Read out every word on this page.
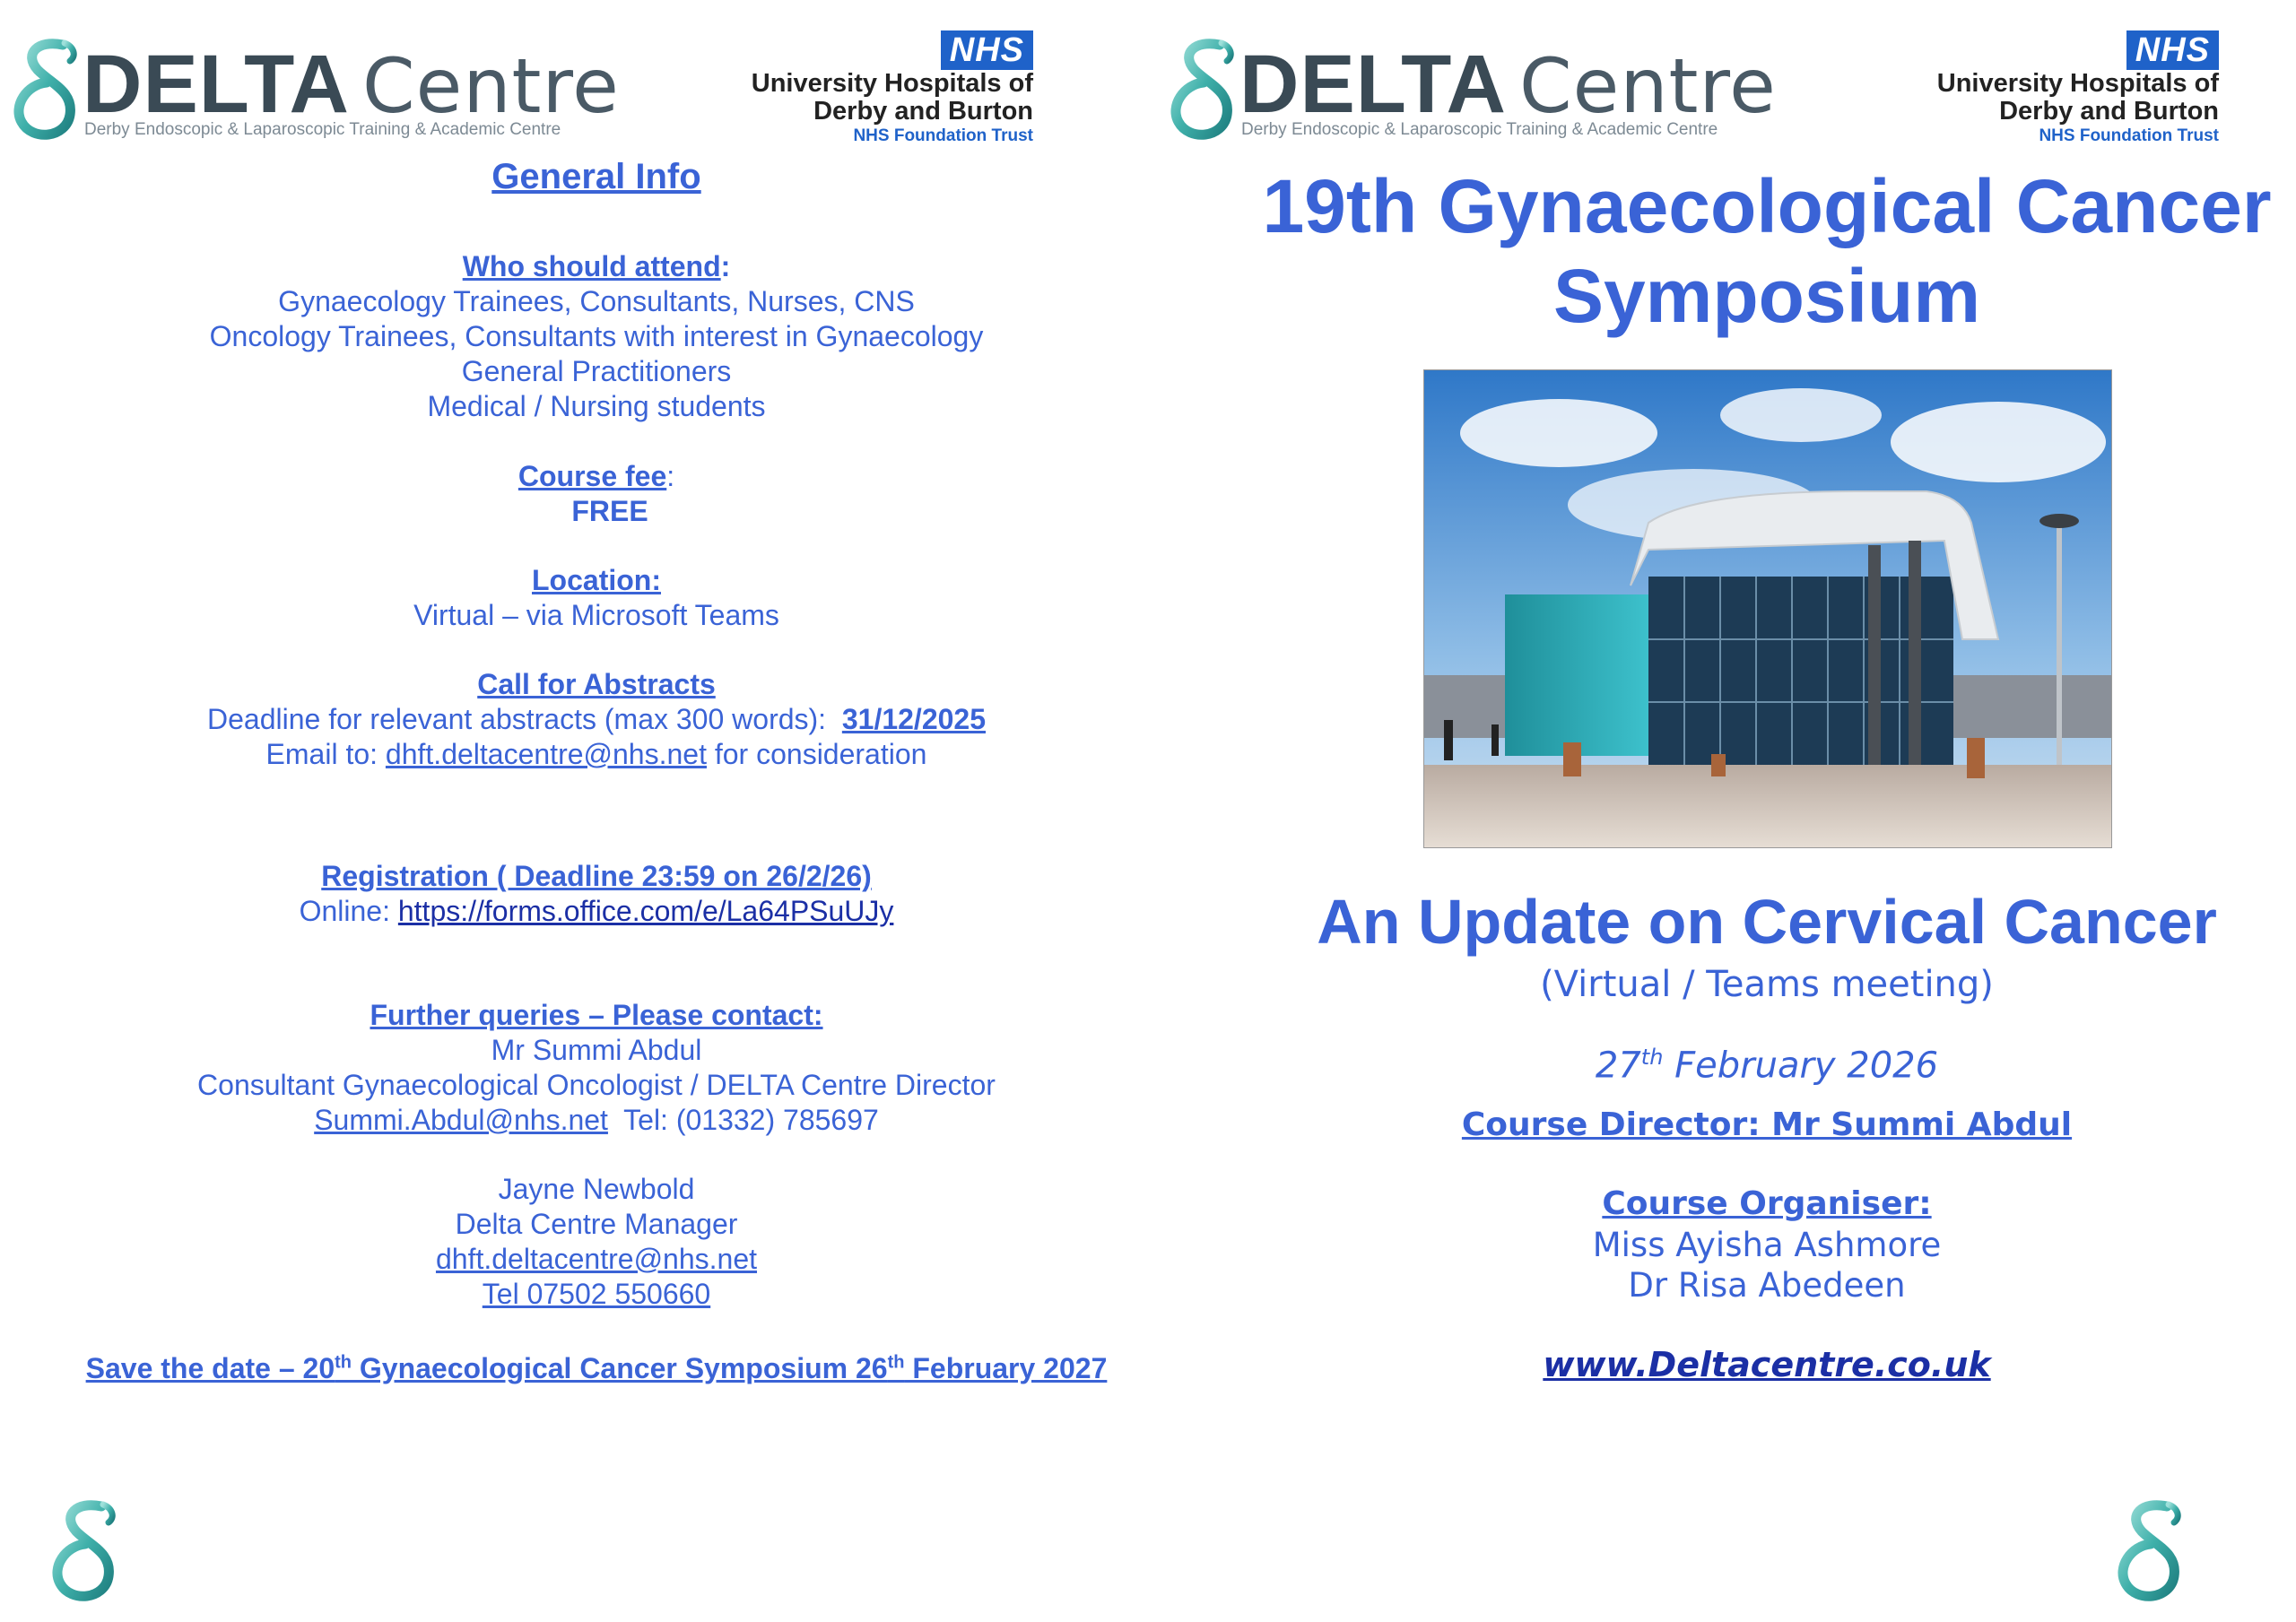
DELTA Centre
Derby Endoscopic & Laparoscopic Training & Academic Centre
NHS
University Hospitals of
Derby and Burton
NHS Foundation Trust
General Info
Who should attend:
Gynaecology Trainees, Consultants, Nurses, CNS
Oncology Trainees, Consultants with interest in Gynaecology
General Practitioners
Medical / Nursing students
Course fee:
FREE
Location:
Virtual – via Microsoft Teams
Call for Abstracts
Deadline for relevant abstracts (max 300 words): 31/12/2025
Email to: dhft.deltacentre@nhs.net for consideration
Registration ( Deadline 23:59 on 26/2/26)
Online: https://forms.office.com/e/La64PSuUJy
Further queries – Please contact:
Mr Summi Abdul
Consultant Gynaecological Oncologist / DELTA Centre Director
Summi.Abdul@nhs.net Tel: (01332) 785697
Jayne Newbold
Delta Centre Manager
dhft.deltacentre@nhs.net
Tel 07502 550660
Save the date – 20th Gynaecological Cancer Symposium 26th February 2027
DELTA Centre
Derby Endoscopic & Laparoscopic Training & Academic Centre
NHS
University Hospitals of
Derby and Burton
NHS Foundation Trust
19th Gynaecological Cancer
Symposium
An Update on Cervical Cancer
(Virtual / Teams meeting)
27th February 2026
Course Director: Mr Summi Abdul
Course Organiser:
Miss Ayisha Ashmore
Dr Risa Abedeen
www.Deltacentre.co.uk
